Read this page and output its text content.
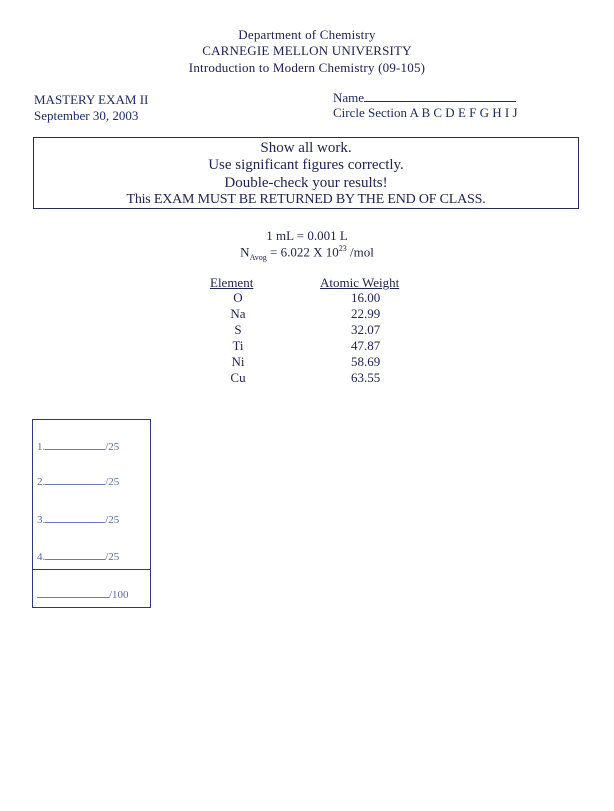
Department of Chemistry
CARNEGIE MELLON UNIVERSITY
Introduction to Modern Chemistry (09-105)
MASTERY EXAM II
September 30, 2003
Name
Circle Section A B C D E F G H I J
Show all work.
Use significant figures correctly.
Double-check your results!
This EXAM MUST BE RETURNED BY THE END OF CLASS.
1 mL = 0.001 L
$N_{Avog} = 6.022$ X $10^{23}$ /mol
Element	Atomic Weight
O	16.00
Na	22.99
S	32.07
Ti	47.87
Ni	58.69
Cu	63.55
1.	/25
2.	/25
3.	/25
4.	/25
/100
